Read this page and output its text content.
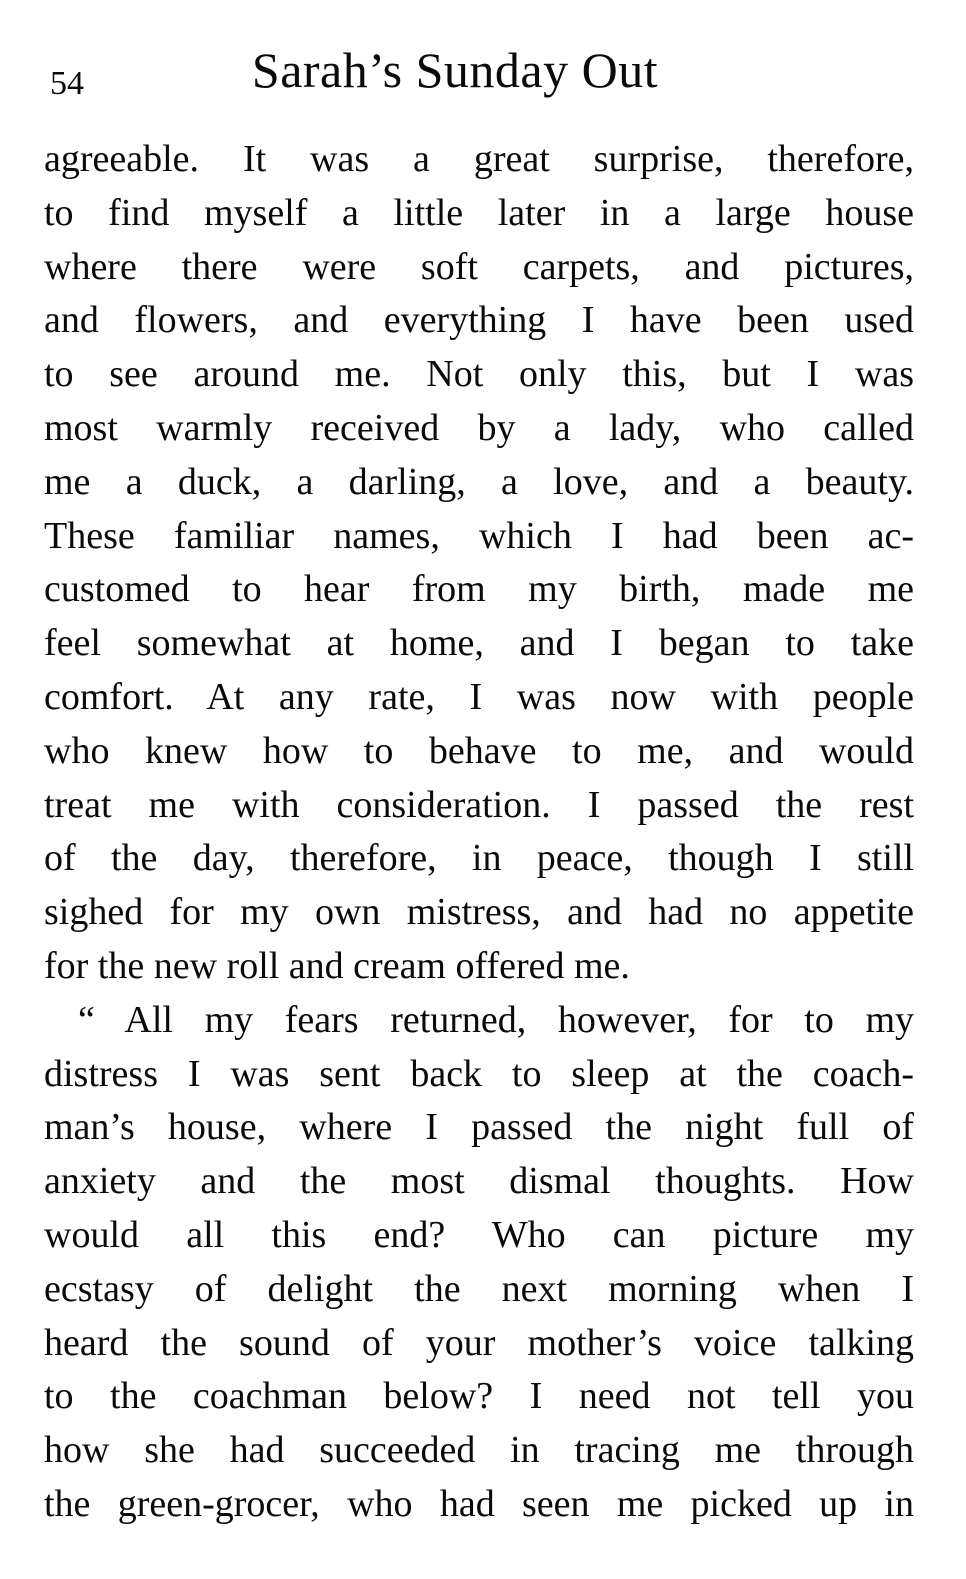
54	Sarah’s Sunday Out
agreeable. It was a great surprise, therefore,
to find myself a little later in a large house
where there were soft carpets, and pictures,
and flowers, and everything I have been used
to see around me. Not only this, but I was
most warmly received by a lady, who called
me a duck, a darling, a love, and a beauty.
These familiar names, which I had been ac-
customed to hear from my birth, made me
feel somewhat at home, and I began to take
comfort. At any rate, I was now with people
who knew how to behave to me, and would
treat me with consideration. I passed the rest
of the day, therefore, in peace, though I still
sighed for my own mistress, and had no appetite
for the new roll and cream offered me.
“ All my fears returned, however, for to my
distress I was sent back to sleep at the coach-
man’s house, where I passed the night full of
anxiety and the most dismal thoughts. How
would all this end? Who can picture my
ecstasy of delight the next morning when I
heard the sound of your mother’s voice talking
to the coachman below? I need not tell you
how she had succeeded in tracing me through
the green-grocer, who had seen me picked up in
